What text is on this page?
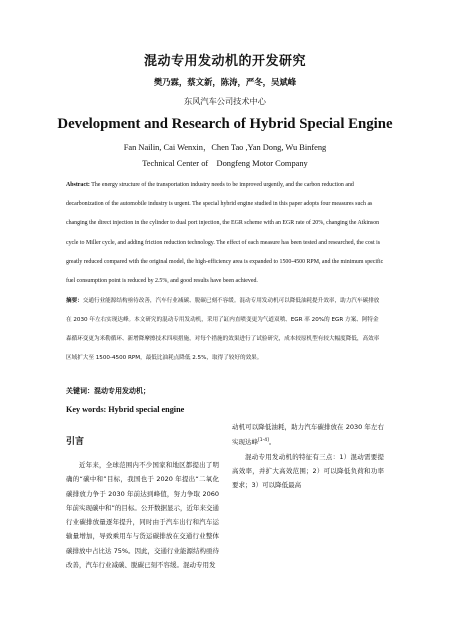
混动专用发动机的开发研究
樊乃霖，蔡文新，陈涛，严冬，吴斌峰
东风汽车公司技术中心
Development and Research of Hybrid Special Engine
Fan Nailin, Cai Wenxin，Chen Tao ,Yan Dong, Wu Binfeng
Technical Center of    Dongfeng Motor Company
Abstract: The energy structure of the transportation industry needs to be improved urgently, and the carbon reduction and decarbonization of the automobile industry is urgent. The special hybrid engine studied in this paper adopts four measures such as changing the direct injection in the cylinder to dual port injection, the EGR scheme with an EGR rate of 20%, changing the Atkinson cycle to Miller cycle, and adding friction reduction technology. The effect of each measure has been tested and researched, the cost is greatly reduced compared with the original model, the high-efficiency area is expanded to 1500-4500 RPM, and the minimum specific fuel consumption point is reduced by 2.5%, and good results have been achieved.
摘要：交通行业能源结构亟待改善，汽车行业减碳、脱碳已刻不容缓。混动专用发动机可以降低油耗提升效率，助力汽车碳排放在 2030 年左右实现达峰。本文研究的混动专用发动机，采用了缸内直喷变更为气道双喷、EGR 率 20%的 EGR 方案、阿特金森循环变更为米勒循环、新增降摩擦技术四项措施，对每个措施的效果进行了试验研究，成本较原机型有较大幅度降低，高效率区域扩大至 1500-4500 RPM，最低比油耗点降低 2.5%，取得了较好的效果。
关键词：混动专用发动机；
Key words: Hybrid special engine
引言

近年来，全球范围内不少国家和地区都提出了明确的“碳中和”目标，我国也于 2020 年提出“二氧化碳排放力争于 2030 年前达到峰值，努力争取 2060 年前实现碳中和”的目标。公开数据显示，近年来交通行业碳排放量逐年提升，同时由于汽车出行和汽车运输量增加，导致乘用车与货运碳排放在交通行业整体碳排放中占比达 75%。因此，交通行业能源结构亟待改善，汽车行业减碳、脱碳已刻不容缓。混动专用发

动机可以降低油耗，助力汽车碳排放在 2030 年左右实现达峰[1-4]。

混动专用发动机的特征有三点：1）混动需要提高效率，并扩大高效范围；2）可以降低负荷和功率要求；3）可以降低最高
